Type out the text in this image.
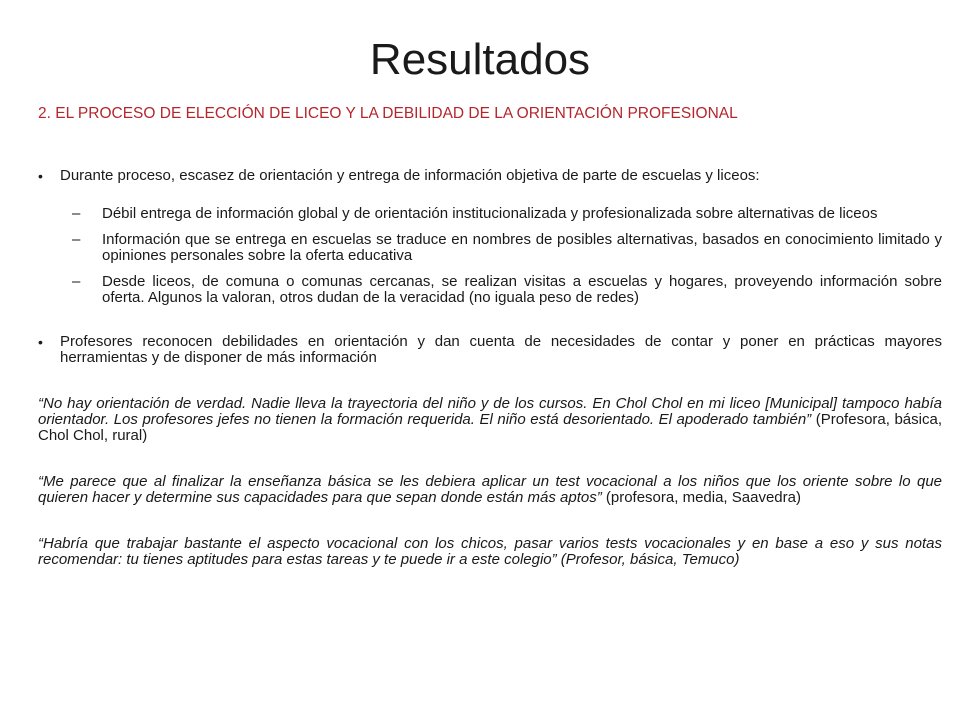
Resultados
2. EL PROCESO DE ELECCIÓN DE LICEO Y LA DEBILIDAD DE LA ORIENTACIÓN PROFESIONAL
• Durante proceso, escasez de orientación y entrega de información objetiva de parte de escuelas y liceos:
– Débil entrega de información global y de orientación institucionalizada y profesionalizada sobre alternativas de liceos
– Información que se entrega en escuelas se traduce en nombres de posibles alternativas, basados en conocimiento limitado y opiniones personales sobre la oferta educativa
– Desde liceos, de comuna o comunas cercanas, se realizan visitas a escuelas y hogares, proveyendo información sobre oferta. Algunos la valoran, otros dudan de la veracidad (no iguala peso de redes)
• Profesores reconocen debilidades en orientación y dan cuenta de necesidades de contar y poner en prácticas mayores herramientas y de disponer de más información
“No hay orientación de verdad. Nadie lleva la trayectoria del niño y de los cursos. En Chol Chol en mi liceo [Municipal] tampoco había orientador. Los profesores jefes no tienen la formación requerida. El niño está desorientado. El apoderado también” (Profesora, básica, Chol Chol, rural)
“Me parece que al finalizar la enseñanza básica se les debiera aplicar un test vocacional a los niños que los oriente sobre lo que quieren hacer y determine sus capacidades para que sepan donde están más aptos” (profesora, media, Saavedra)
“Habría que trabajar bastante el aspecto vocacional con los chicos, pasar varios tests vocacionales y en base a eso y sus notas recomendar: tu tienes aptitudes para estas tareas y te puede ir a este colegio” (Profesor, básica, Temuco)
